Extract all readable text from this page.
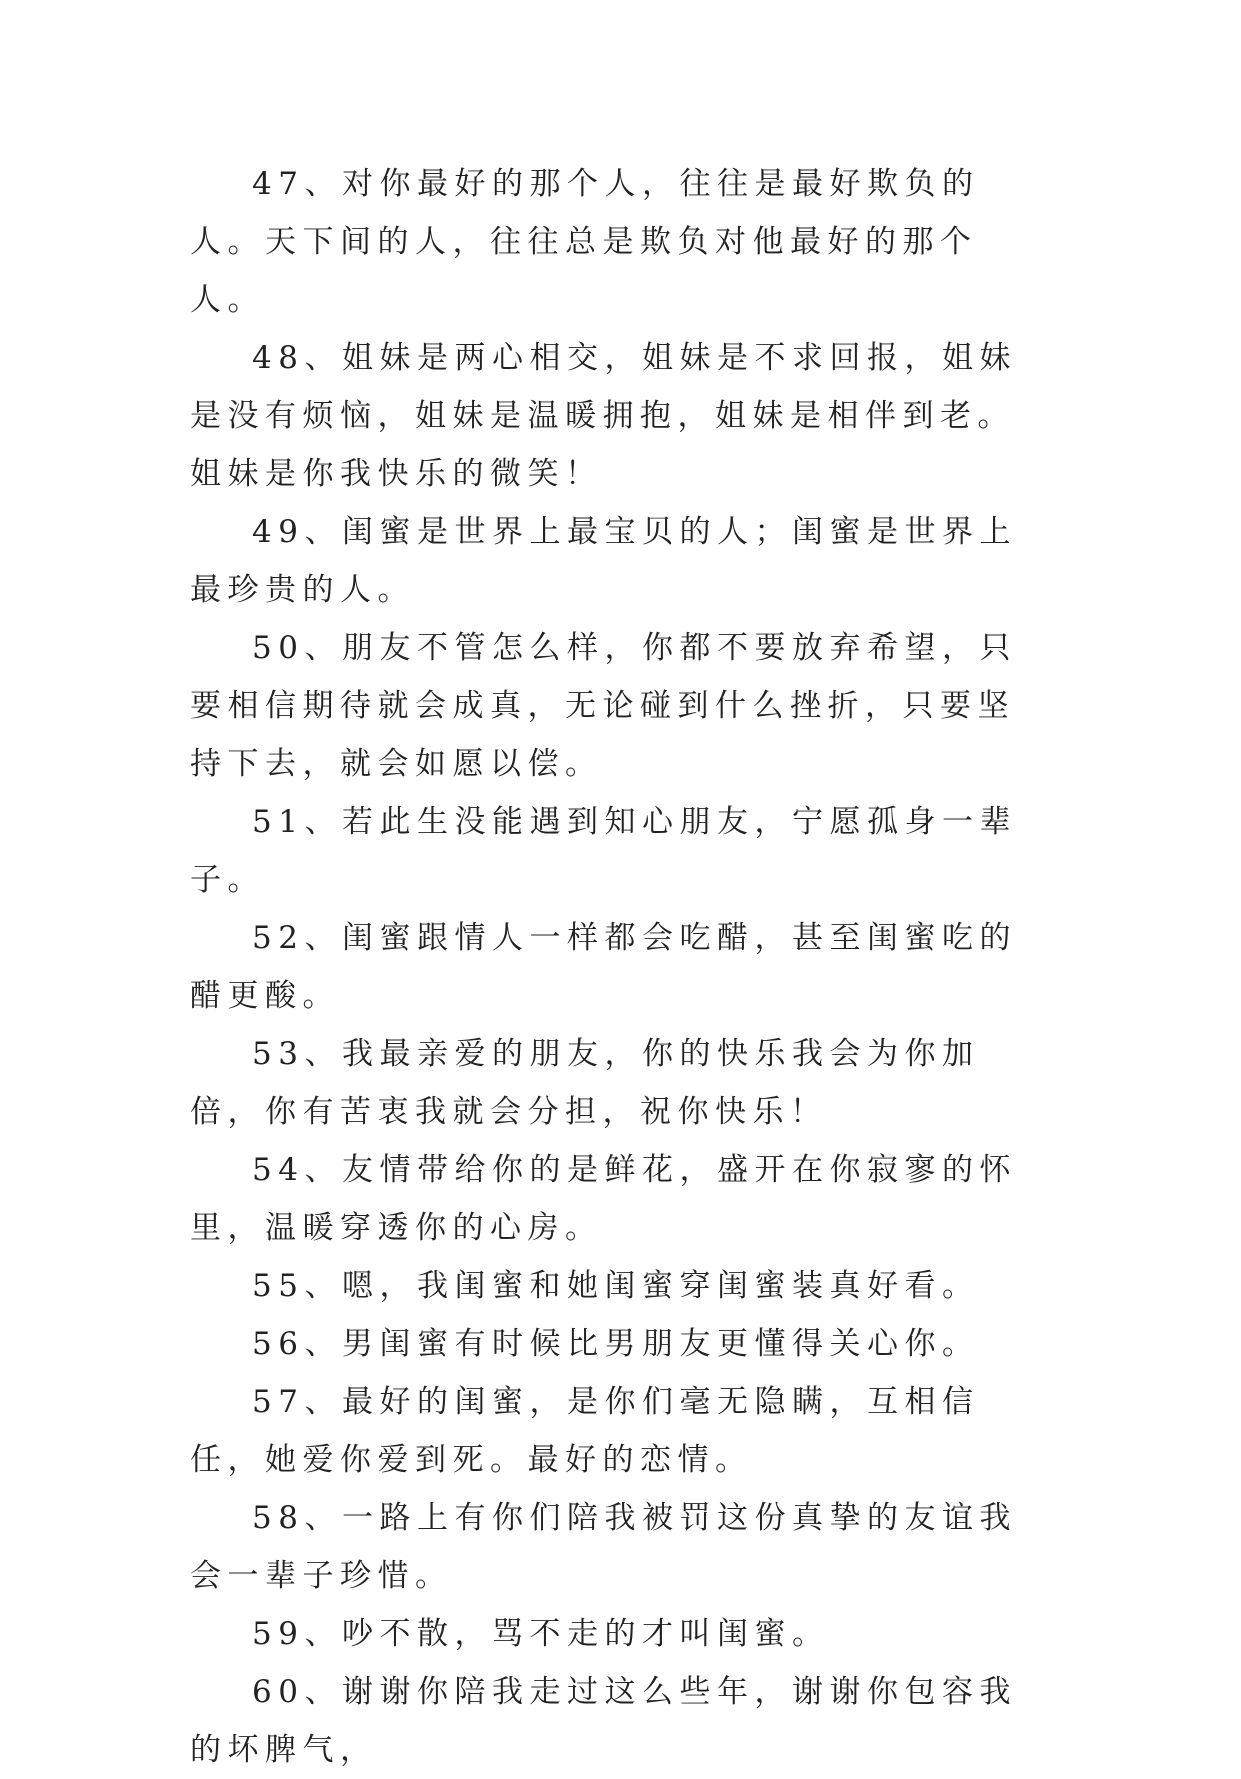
47、对你最好的那个人，往往是最好欺负的人。天下间的人，往往总是欺负对他最好的那个人。

48、姐妹是两心相交，姐妹是不求回报，姐妹是没有烦恼，姐妹是温暖拥抱，姐妹是相伴到老。姐妹是你我快乐的微笑！

49、闺蜜是世界上最宝贝的人；闺蜜是世界上最珍贵的人。

50、朋友不管怎么样，你都不要放弃希望，只要相信期待就会成真，无论碰到什么挫折，只要坚持下去，就会如愿以偿。

51、若此生没能遇到知心朋友，宁愿孤身一辈子。

52、闺蜜跟情人一样都会吃醋，甚至闺蜜吃的醋更酸。

53、我最亲爱的朋友，你的快乐我会为你加倍，你有苦衷我就会分担，祝你快乐！

54、友情带给你的是鲜花，盛开在你寂寥的怀里，温暖穿透你的心房。

55、嗯，我闺蜜和她闺蜜穿闺蜜装真好看。

56、男闺蜜有时候比男朋友更懂得关心你。

57、最好的闺蜜，是你们毫无隐瞒，互相信任，她爱你爱到死。最好的恋情。

58、一路上有你们陪我被罚这份真挚的友谊我会一辈子珍惜。

59、吵不散，骂不走的才叫闺蜜。

60、谢谢你陪我走过这么些年，谢谢你包容我的坏脾气，
